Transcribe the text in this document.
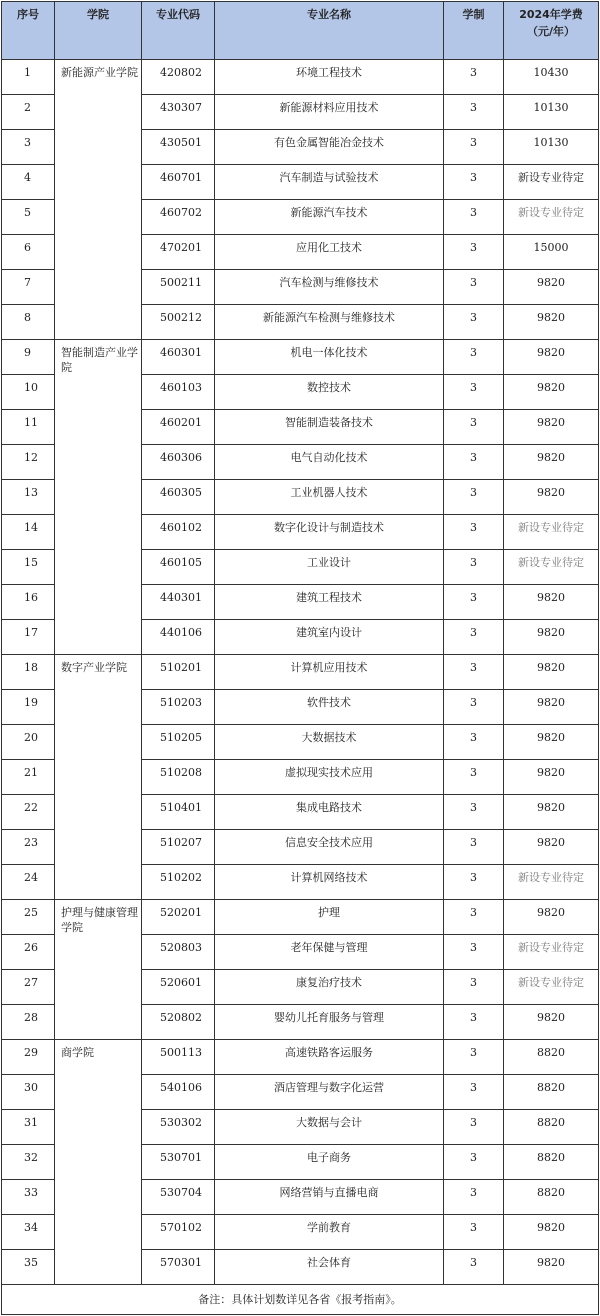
序号	学院	专业代码	专业名称	学制	2024年学费
（元/年）

1	新能源产业学院	420802	环境工程技术	3	10430

2		430307	新能源材料应用技术	3	10130

3		430501	有色金属智能冶金技术	3	10130

4		460701	汽车制造与试验技术	3	新设专业待定

5		460702	新能源汽车技术	3	新设专业待定

6		470201	应用化工技术	3	15000

7		500211	汽车检测与维修技术	3	9820

8		500212	新能源汽车检测与维修技术	3	9820

9	智能制造产业学院	460301	机电一体化技术	3	9820

10		460103	数控技术	3	9820

11		460201	智能制造装备技术	3	9820

12		460306	电气自动化技术	3	9820

13		460305	工业机器人技术	3	9820

14		460102	数字化设计与制造技术	3	新设专业待定

15		460105	工业设计	3	新设专业待定

16		440301	建筑工程技术	3	9820

17		440106	建筑室内设计	3	9820

18	数字产业学院	510201	计算机应用技术	3	9820

19		510203	软件技术	3	9820

20		510205	大数据技术	3	9820

21		510208	虚拟现实技术应用	3	9820

22		510401	集成电路技术	3	9820

23		510207	信息安全技术应用	3	9820

24		510202	计算机网络技术	3	新设专业待定

25	护理与健康管理学院	520201	护理	3	9820

26		520803	老年保健与管理	3	新设专业待定

27		520601	康复治疗技术	3	新设专业待定

28		520802	婴幼儿托育服务与管理	3	9820

29	商学院	500113	高速铁路客运服务	3	8820

30		540106	酒店管理与数字化运营	3	8820

31		530302	大数据与会计	3	8820

32		530701	电子商务	3	8820

33		530704	网络营销与直播电商	3	8820

34		570102	学前教育	3	9820

35		570301	社会体育	3	9820

备注：具体计划数详见各省《报考指南》。					
